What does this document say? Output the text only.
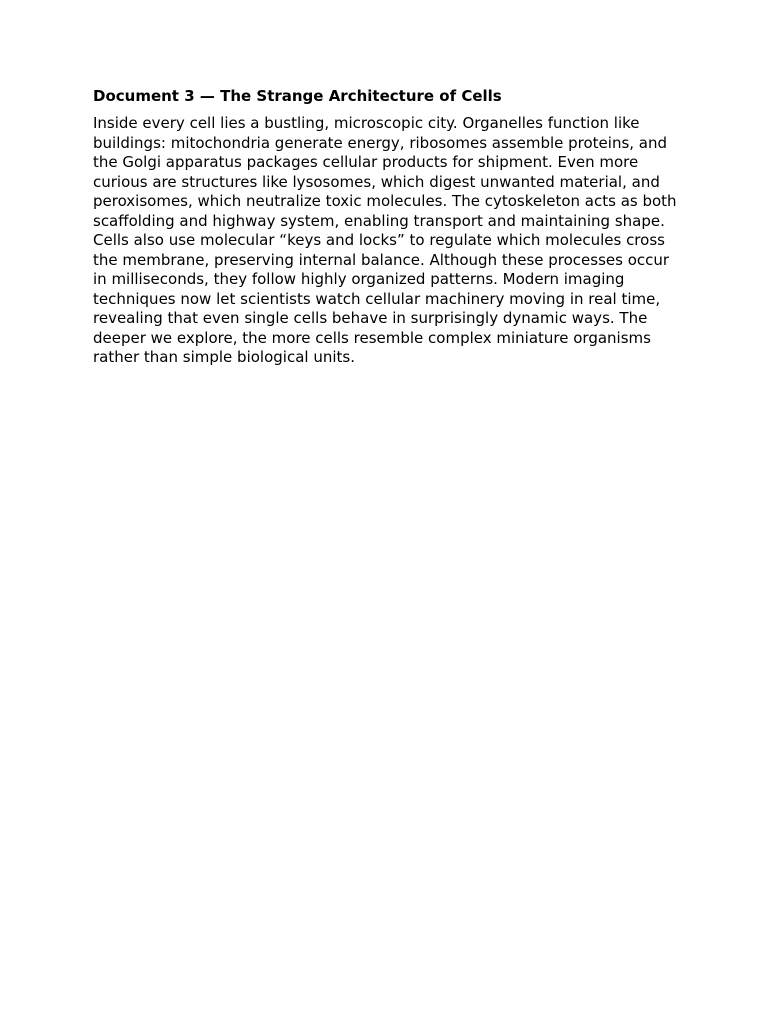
Document 3 — The Strange Architecture of Cells

Inside every cell lies a bustling, microscopic city. Organelles function like buildings: mitochondria generate energy, ribosomes assemble proteins, and the Golgi apparatus packages cellular products for shipment. Even more curious are structures like lysosomes, which digest unwanted material, and peroxisomes, which neutralize toxic molecules. The cytoskeleton acts as both scaffolding and highway system, enabling transport and maintaining shape. Cells also use molecular “keys and locks” to regulate which molecules cross the membrane, preserving internal balance. Although these processes occur in milliseconds, they follow highly organized patterns. Modern imaging techniques now let scientists watch cellular machinery moving in real time, revealing that even single cells behave in surprisingly dynamic ways. The deeper we explore, the more cells resemble complex miniature organisms rather than simple biological units.
